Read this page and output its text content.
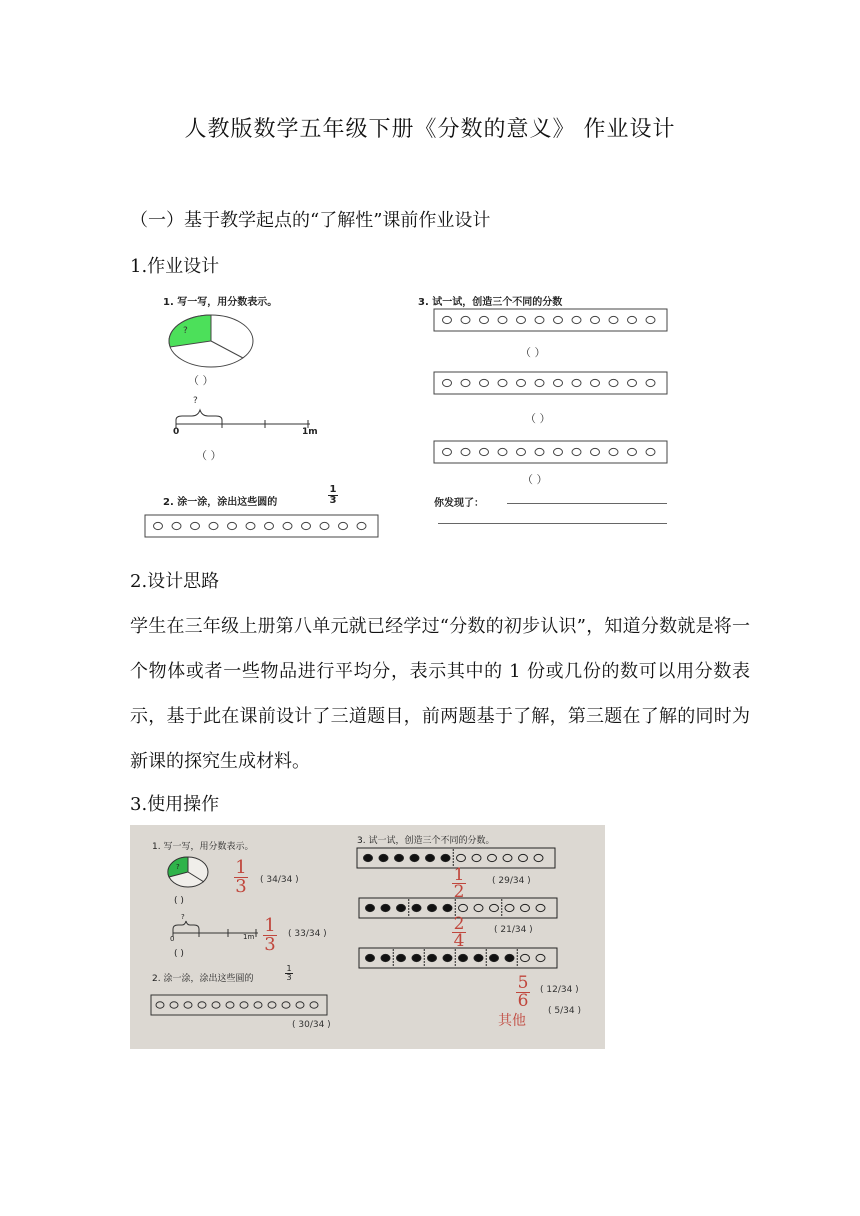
人教版数学五年级下册《分数的意义》 作业设计
（一）基于教学起点的“了解性”课前作业设计
1.作业设计
1. 写一写，用分数表示。
?
（ ）
?
0	1m
（ ）
2. 涂一涂，涂出这些圆的	$\frac{1}{3}$
3. 试一试，创造三个不同的分数
（ ）
（ ）
（ ）
你发现了：
2.设计思路
学生在三年级上册第八单元就已经学过“分数的初步认识”，知道分数就是将一个物体或者一些物品进行平均分，表示其中的 1 份或几份的数可以用分数表示，基于此在课前设计了三道题目，前两题基于了解，第三题在了解的同时为新课的探究生成材料。
3.使用操作
1. 写一写，用分数表示。
3. 试一试，创造三个不同的分数。
?	$\frac{1}{3}$ ( 34/34 )
( )
?
0	$1m \frac{1}{3}$ ( 33/34 )
( )
2. 涂一涂，涂出这些圆的	$\frac{1}{3}$
( 30/34 )
$\frac{1}{2}$	( 29/34 )
$\frac{2}{4}$	( 21/34 )
$\frac{5}{6}$ ( 12/34 )
其他
( 5/34 )
